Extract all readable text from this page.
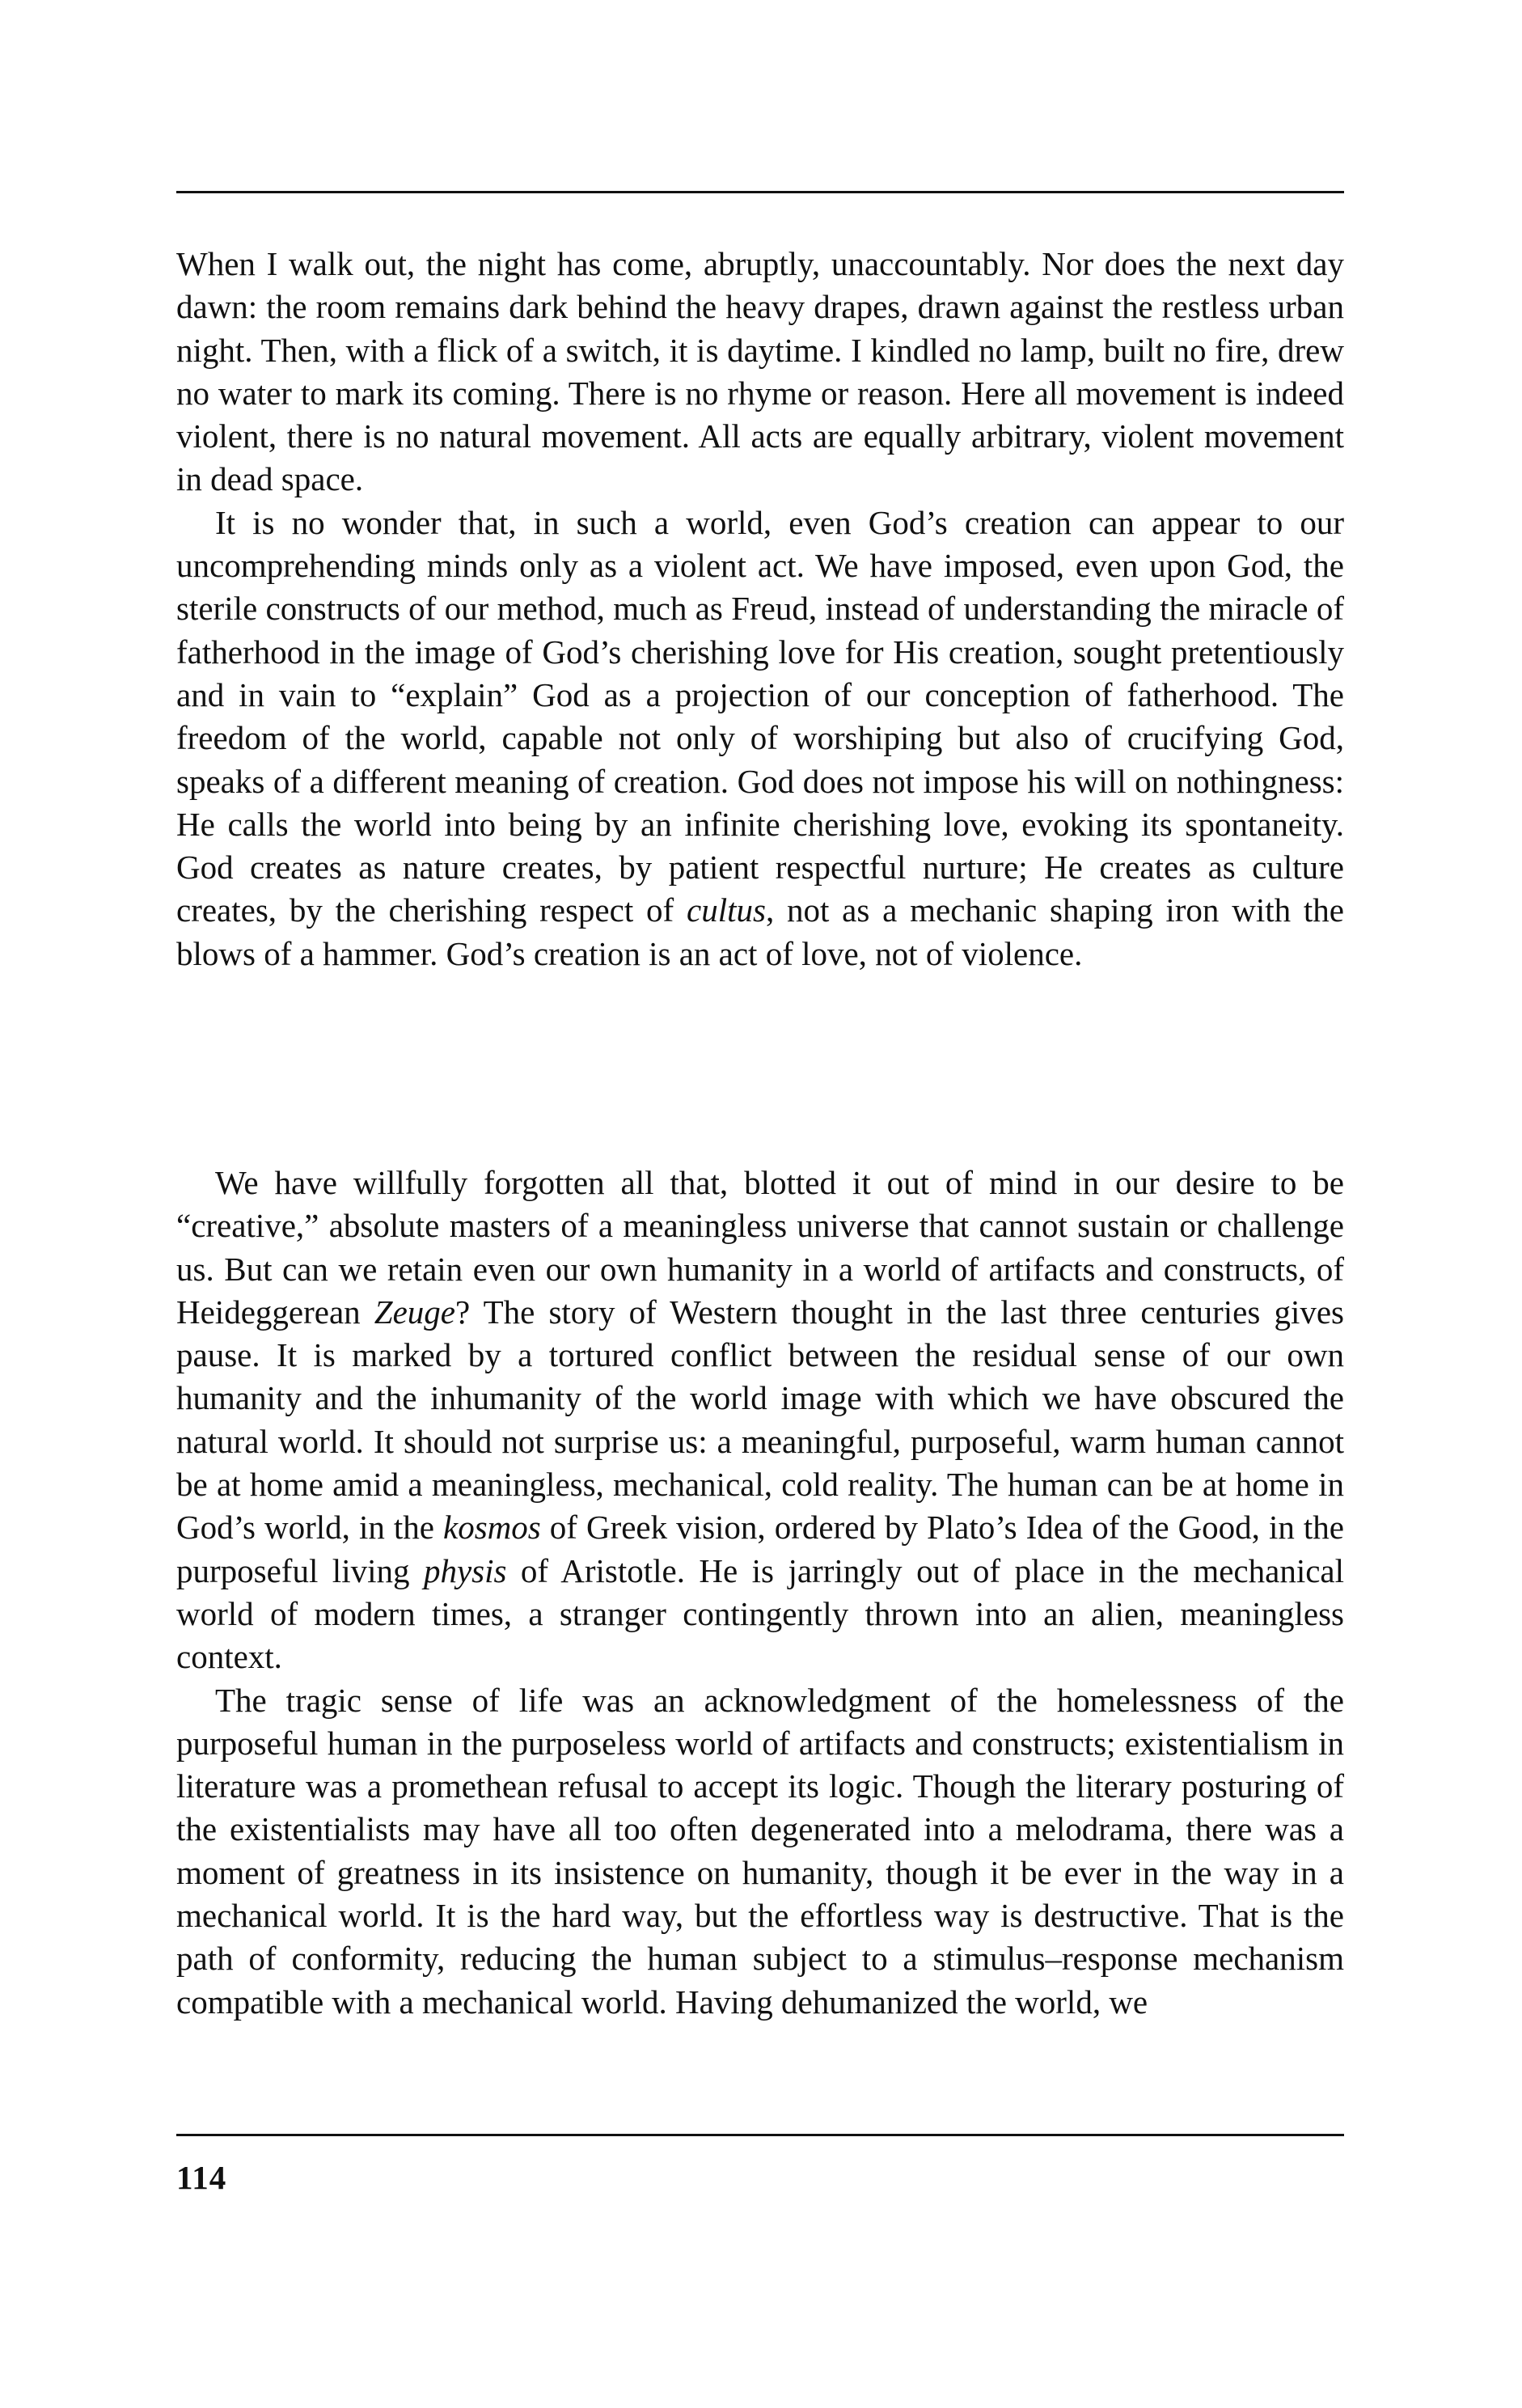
When I walk out, the night has come, abruptly, unaccountably. Nor does the next day dawn: the room remains dark behind the heavy drapes, drawn against the restless urban night. Then, with a flick of a switch, it is daytime. I kindled no lamp, built no fire, drew no water to mark its coming. There is no rhyme or reason. Here all movement is indeed violent, there is no natural movement. All acts are equally arbitrary, violent movement in dead space.

It is no wonder that, in such a world, even God’s creation can appear to our uncomprehending minds only as a violent act. We have imposed, even upon God, the sterile constructs of our method, much as Freud, instead of understanding the miracle of fatherhood in the image of God’s cherishing love for His creation, sought pretentiously and in vain to “explain” God as a projection of our conception of fatherhood. The freedom of the world, capable not only of worshiping but also of crucifying God, speaks of a different meaning of creation. God does not impose his will on nothingness: He calls the world into being by an infinite cherishing love, evoking its spontaneity. God creates as nature creates, by patient respectful nurture; He creates as culture creates, by the cherishing respect of cultus, not as a mechanic shaping iron with the blows of a hammer. God’s creation is an act of love, not of violence.

We have willfully forgotten all that, blotted it out of mind in our desire to be “creative,” absolute masters of a meaningless universe that cannot sustain or challenge us. But can we retain even our own humanity in a world of artifacts and constructs, of Heideggerean Zeuge? The story of Western thought in the last three centuries gives pause. It is marked by a tortured conflict between the residual sense of our own humanity and the inhumanity of the world image with which we have obscured the natural world. It should not surprise us: a meaningful, purposeful, warm human cannot be at home amid a meaningless, mechanical, cold reality. The human can be at home in God’s world, in the kosmos of Greek vision, ordered by Plato’s Idea of the Good, in the purposeful living physis of Aristotle. He is jarringly out of place in the mechanical world of modern times, a stranger contingently thrown into an alien, meaningless context.

The tragic sense of life was an acknowledgment of the homelessness of the purposeful human in the purposeless world of artifacts and constructs; existentialism in literature was a promethean refusal to accept its logic. Though the literary posturing of the existentialists may have all too often degenerated into a melodrama, there was a moment of greatness in its insistence on humanity, though it be ever in the way in a mechanical world. It is the hard way, but the effortless way is destructive. That is the path of conformity, reducing the human subject to a stimulus–response mechanism compatible with a mechanical world. Having dehumanized the world, we

114
